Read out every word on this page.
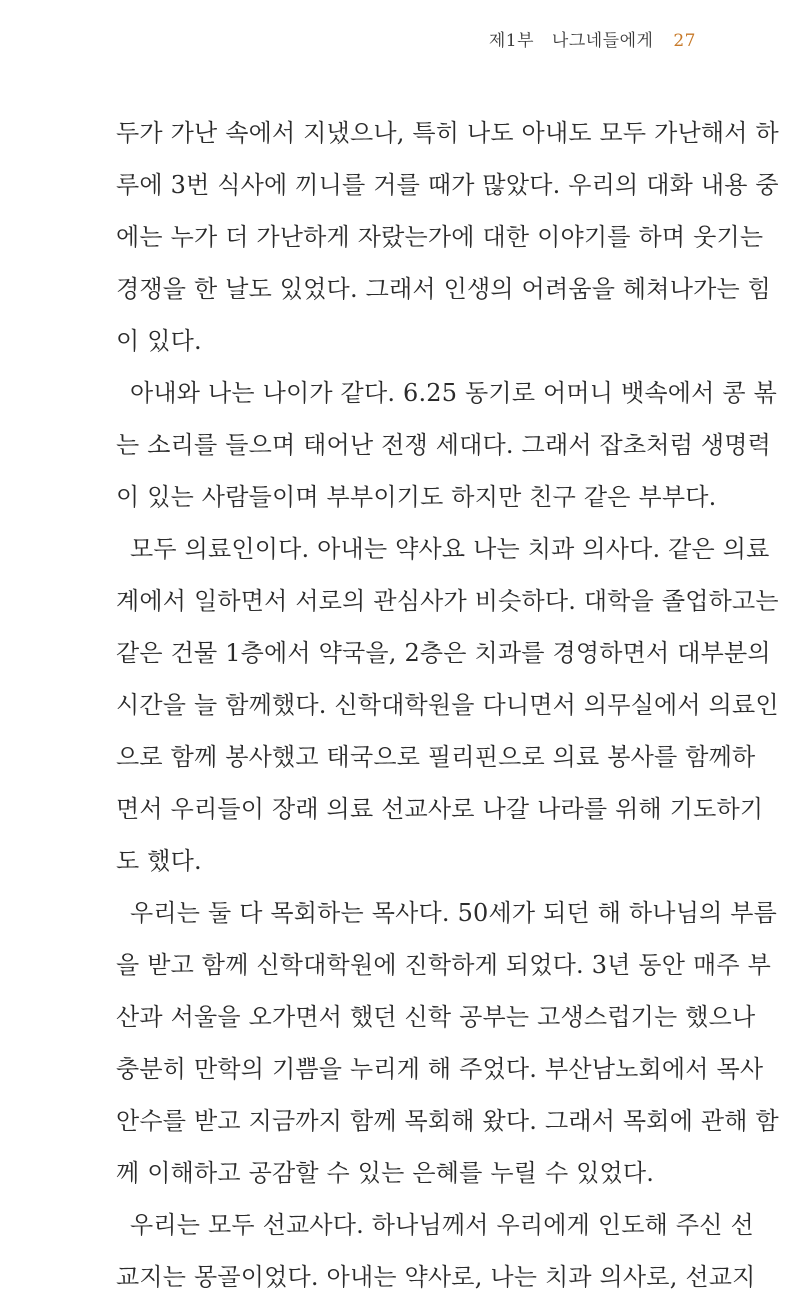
제1부 나그네들에게 27
두가 가난 속에서 지냈으나, 특히 나도 아내도 모두 가난해서 하
루에 3번 식사에 끼니를 거를 때가 많았다. 우리의 대화 내용 중
에는 누가 더 가난하게 자랐는가에 대한 이야기를 하며 웃기는
경쟁을 한 날도 있었다. 그래서 인생의 어려움을 헤쳐나가는 힘
이 있다.
아내와 나는 나이가 같다. 6.25 동기로 어머니 뱃속에서 콩 볶
는 소리를 들으며 태어난 전쟁 세대다. 그래서 잡초처럼 생명력
이 있는 사람들이며 부부이기도 하지만 친구 같은 부부다.
모두 의료인이다. 아내는 약사요 나는 치과 의사다. 같은 의료
계에서 일하면서 서로의 관심사가 비슷하다. 대학을 졸업하고는
같은 건물 1층에서 약국을, 2층은 치과를 경영하면서 대부분의
시간을 늘 함께했다. 신학대학원을 다니면서 의무실에서 의료인
으로 함께 봉사했고 태국으로 필리핀으로 의료 봉사를 함께하
면서 우리들이 장래 의료 선교사로 나갈 나라를 위해 기도하기
도 했다.
우리는 둘 다 목회하는 목사다. 50세가 되던 해 하나님의 부름
을 받고 함께 신학대학원에 진학하게 되었다. 3년 동안 매주 부
산과 서울을 오가면서 했던 신학 공부는 고생스럽기는 했으나
충분히 만학의 기쁨을 누리게 해 주었다. 부산남노회에서 목사
안수를 받고 지금까지 함께 목회해 왔다. 그래서 목회에 관해 함
께 이해하고 공감할 수 있는 은혜를 누릴 수 있었다.
우리는 모두 선교사다. 하나님께서 우리에게 인도해 주신 선
교지는 몽골이었다. 아내는 약사로, 나는 치과 의사로, 선교지
